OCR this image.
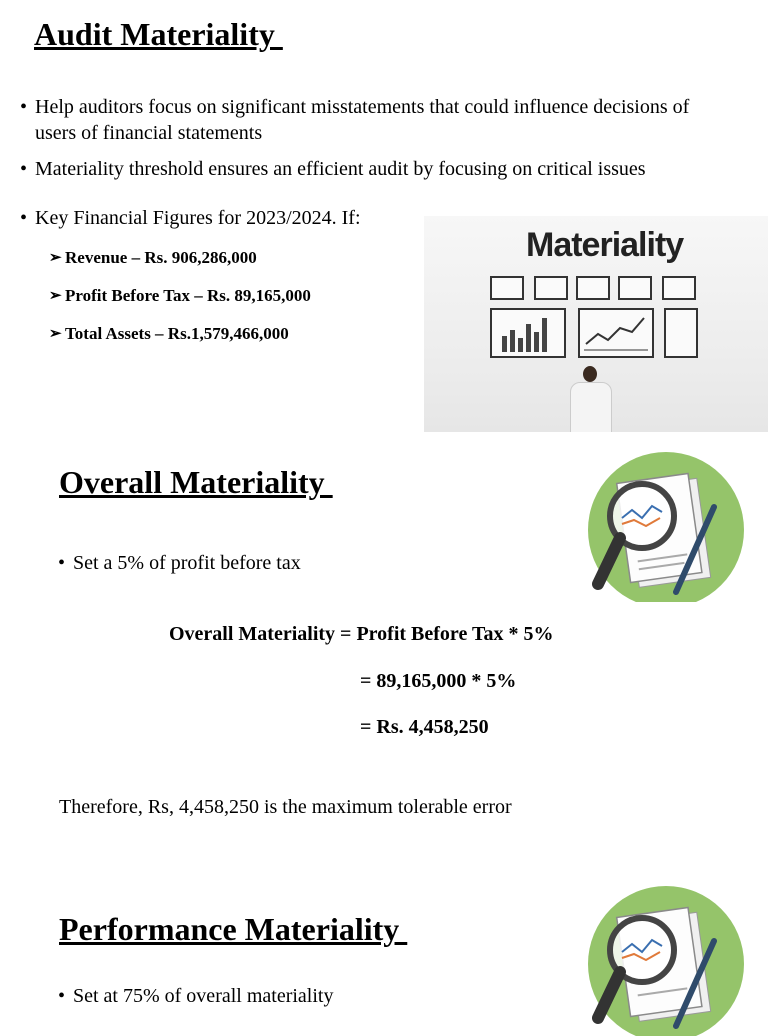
Audit Materiality
• Help auditors focus on significant misstatements that could influence decisions of users of financial statements
• Materiality threshold ensures an efficient audit by focusing on critical issues
• Key Financial Figures for 2023/2024. If:
➢ Revenue – Rs. 906,286,000
➢ Profit Before Tax – Rs. 89,165,000
➢ Total Assets – Rs.1,579,466,000
Materiality
Overall Materiality
• Set a 5% of profit before tax
Overall Materiality = Profit Before Tax * 5%
= 89,165,000 * 5%
= Rs. 4,458,250
Therefore, Rs, 4,458,250 is the maximum tolerable error
Performance Materiality
• Set at 75% of overall materiality
